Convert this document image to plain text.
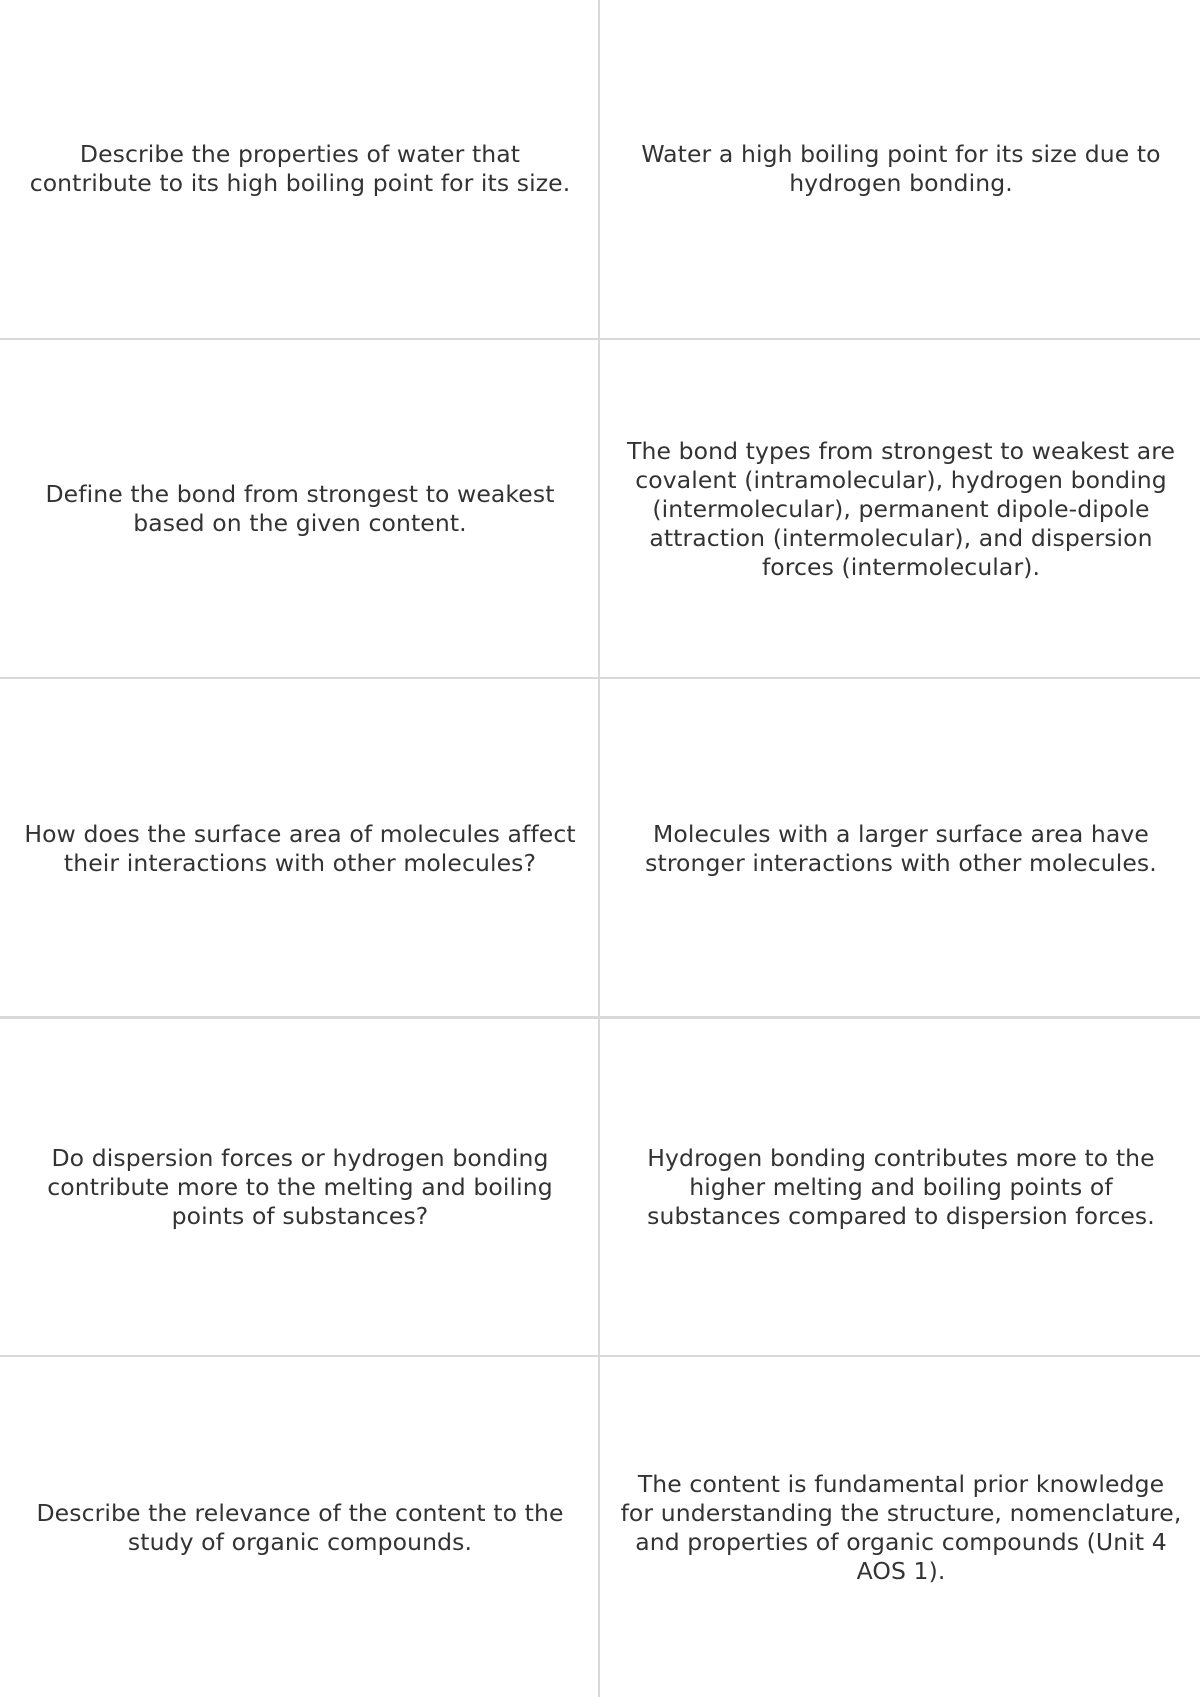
Describe the properties of water that contribute to its high boiling point for its size.
Water a high boiling point for its size due to hydrogen bonding.
Define the bond from strongest to weakest based on the given content.
The bond types from strongest to weakest are covalent (intramolecular), hydrogen bonding (intermolecular), permanent dipole-dipole attraction (intermolecular), and dispersion forces (intermolecular).
How does the surface area of molecules affect their interactions with other molecules?
Molecules with a larger surface area have stronger interactions with other molecules.
Do dispersion forces or hydrogen bonding contribute more to the melting and boiling points of substances?
Hydrogen bonding contributes more to the higher melting and boiling points of substances compared to dispersion forces.
Describe the relevance of the content to the study of organic compounds.
The content is fundamental prior knowledge for understanding the structure, nomenclature, and properties of organic compounds (Unit 4 AOS 1).
